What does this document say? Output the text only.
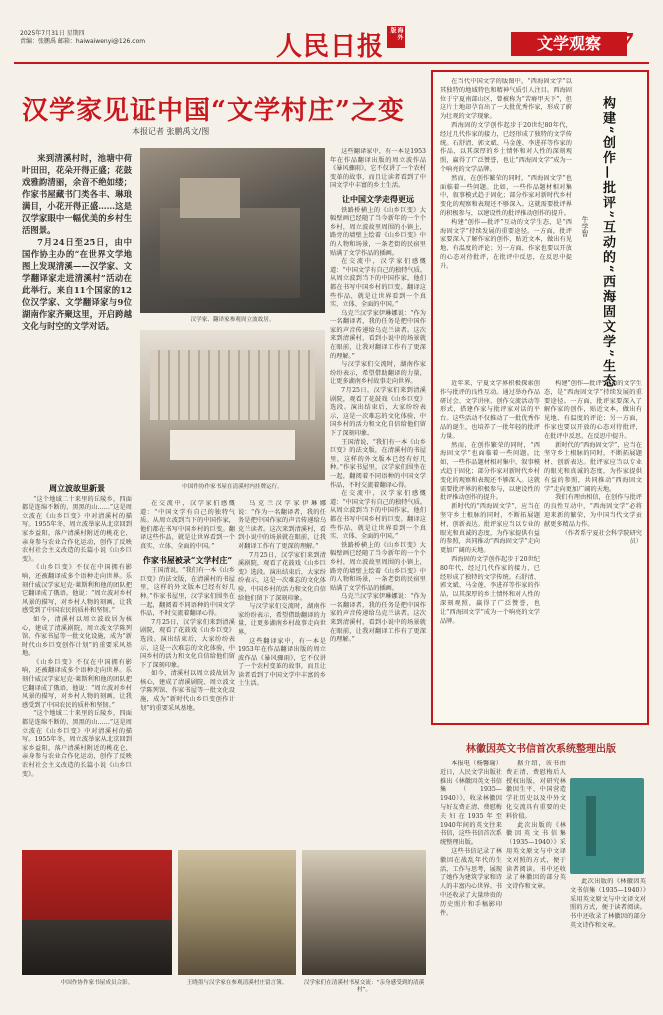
2025年7月31日 星期四
责编：张鹏禹 邮箱：haiwaiwenyi@126.com	人民日报 海外版
文学观察 07
汉学家见证中国“文学村庄”之变
本报记者 张鹏禹文/图

来到清溪村时，池塘中荷叶田田，花朵开得正盛；花鼓戏雅韵清丽，余音不绝如缕；作家书屋藏书门类各丰、琳琅满目，小花开得正盛……这是汉学家眼中一幅优美的乡村生活图景。

7月24日至25日，由中国作协主办的“在世界文学地图上发现清溪——汉学家、文学翻译家走进清溪村”活动在此举行。来自11个国家的12位汉学家、文学翻译家与9位湖南作家齐聚这里，开启跨越文化与时空的文学对话。

汉学家、翻译家参观周立波故居。
中国作协作家书屋在清溪村内挂牌运行。

周立波故里新景

“这个地域二十来里的丘陵乡，四面都是连绵不断的、黑黑的山……”这是周立波在《山乡巨变》中对清溪村的描写。1955年冬，周立波举家从北京回到家乡益阳，落户清溪村附近的桃花仑，亲身参与农业合作化运动，创作了反映农村社会主义改造的长篇小说《山乡巨变》。

《山乡巨变》不仅在中国拥有影响，还被翻译成多个语种走向世界。乐刻什威汉学家尼克·莱斯利和他的团队把它翻译成了俄语，他说：“周立波对乡村风景的描写，对乡村人物的刻画，让我感受到了中国农民的质朴和坚韧。”

如今，清溪村以周立波故居为核心，建成了清溪剧院、周立波文学陈列馆、作家书屋等一批文化设施，成为“新时代山乡巨变创作计划”的重要采风基地。

《山乡巨变》不仅在中国拥有影响，还被翻译成多个语种走向世界。乐刻什威汉学家尼克·莱斯利和他的团队把它翻译成了俄语，他说：“周立波对乡村风景的描写，对乡村人物的刻画，让我感受到了中国农民的质朴和坚韧。”

“这个地域二十来里的丘陵乡，四面都是连绵不断的、黑黑的山……”这是周立波在《山乡巨变》中对清溪村的描写。1955年冬，周立波举家从北京回到家乡益阳，落户清溪村附近的桃花仑，亲身参与农业合作化运动，创作了反映农村社会主义改造的长篇小说《山乡巨变》。

这些翻译家中，有一本是1953年在作品翻译出版的周立波作品《暴风骤雨》，它不仅讲了一个农村变革的故事，而且让读者看到了中国文学中丰富的乡土生活。

让中国文学走得更远

铁路桥横上的《山乡巨变》大幅壁画已经随了当今新年的一个个乡村，周立波故里周围的小镇上，路旁的墙壁上绘着《山乡巨变》中的人物和场景，一条老街的民宿里贴满了文学作品的插画。

在交流中，汉学家们感慨道：“中国文学有自己的独特气质。从周立波到当下的中国作家，他们都在书写中国乡村的巨变。翻译这些作品，就是让世界看到一个真实、立体、全面的中国。”

乌克兰汉学家伊琳娜说：“作为一名翻译者，我的任务是把中国作家的声音传递给乌克兰读者。这次来到清溪村，看到小说中的场景就在眼前，让我对翻译工作有了更深的理解。”

与汉学家们交流时，湖南作家纷纷表示，希望借助翻译的力量，让更多湖南乡村故事走向世界。

7月25日，汉学家们来到清溪剧院，观看了花鼓戏《山乡巨变》选段。演出结束后，大家纷纷表示，这是一次难忘的文化体验，中国乡村的活力和文化自信给他们留下了深刻印象。

王国清说，“我们有一本《山乡巨变》的法文版，在清溪村的书屋里，这样的外文版本已经有好几种。”作家书屋里，汉学家们围坐在一起，翻阅着不同语种的中国文学作品，不时交流着翻译心得。

在交流中，汉学家们感慨道：“中国文学有自己的独特气质。从周立波到当下的中国作家，他们都在书写中国乡村的巨变。翻译这些作品，就是让世界看到一个真实、立体、全面的中国。”

铁路桥横上的《山乡巨变》大幅壁画已经随了当今新年的一个个乡村，周立波故里周围的小镇上，路旁的墙壁上绘着《山乡巨变》中的人物和场景，一条老街的民宿里贴满了文学作品的插画。

乌克兰汉学家伊琳娜说：“作为一名翻译者，我的任务是把中国作家的声音传递给乌克兰读者。这次来到清溪村，看到小说中的场景就在眼前，让我对翻译工作有了更深的理解。”

在交流中，汉学家们感慨道：“中国文学有自己的独特气质。从周立波到当下的中国作家，他们都在书写中国乡村的巨变。翻译这些作品，就是让世界看到一个真实、立体、全面的中国。”

作家书屋被录“文学村庄”

王国清说，“我们有一本《山乡巨变》的法文版，在清溪村的书屋里，这样的外文版本已经有好几种。”作家书屋里，汉学家们围坐在一起，翻阅着不同语种的中国文学作品，不时交流着翻译心得。

7月25日，汉学家们来到清溪剧院，观看了花鼓戏《山乡巨变》选段。演出结束后，大家纷纷表示，这是一次难忘的文化体验，中国乡村的活力和文化自信给他们留下了深刻印象。

如今，清溪村以周立波故居为核心，建成了清溪剧院、周立波文学陈列馆、作家书屋等一批文化设施，成为“新时代山乡巨变创作计划”的重要采风基地。

乌克兰汉学家伊琳娜说：“作为一名翻译者，我的任务是把中国作家的声音传递给乌克兰读者。这次来到清溪村，看到小说中的场景就在眼前，让我对翻译工作有了更深的理解。”

7月25日，汉学家们来到清溪剧院，观看了花鼓戏《山乡巨变》选段。演出结束后，大家纷纷表示，这是一次难忘的文化体验，中国乡村的活力和文化自信给他们留下了深刻印象。

与汉学家们交流时，湖南作家纷纷表示，希望借助翻译的力量，让更多湖南乡村故事走向世界。

这些翻译家中，有一本是1953年在作品翻译出版的周立波作品《暴风骤雨》，它不仅讲了一个农村变革的故事，而且让读者看到了中国文学中丰富的乡土生活。

中国作协作家书屋成员合影。	王晓墨与汉学家在参观清溪村庄留言簿。	汉学家们在清溪村书屋交流：“亲身感受到的清溪村”。
构建“创作—批评”互动的“西海固文学”生态
牛学智

在当代中国文学的版图中，“西海固文学”以其独特的地域特色和精神气质引人注目。西海固位于宁夏南部山区，曾被称为“苦瘠甲天下”，但这片土地却孕育出了一大批优秀作家，形成了蔚为壮观的文学现象。

西海固的文学创作起步于20世纪80年代，经过几代作家的接力，已经形成了独特的文学传统。石舒清、郭文斌、马金莲、李进祥等作家的作品，以其深厚的乡土情怀和对人性的深刻观照，赢得了广泛赞誉，也让“西海固文学”成为一个响亮的文学品牌。

然而，在创作繁荣的同时，“西海固文学”也面临着一些问题。比如，一些作品题材相对集中，叙事模式趋于固化；部分作家对新时代乡村变化的观察和表现还不够深入。这就需要批评界的积极参与，以建设性的批评推动创作的提升。

构建“创作—批评”互动的文学生态，是“西海固文学”持续发展的重要途径。一方面，批评家要深入了解作家的创作，贴近文本，做出有见地、有温度的评论；另一方面，作家也要以开放的心态对待批评，在批评中反思，在反思中提升。

近年来，宁夏文学界积极探索创作与批评的良性互动。通过举办作品研讨会、文学讲座、创作交流活动等形式，搭建作家与批评家对话的平台。这些活动不仅推动了一批优秀作品的诞生，也培养了一批年轻的批评力量。

然而，在创作繁荣的同时，“西海固文学”也面临着一些问题。比如，一些作品题材相对集中，叙事模式趋于固化；部分作家对新时代乡村变化的观察和表现还不够深入。这就需要批评界的积极参与，以建设性的批评推动创作的提升。

新时代的“西海固文学”，应当在坚守乡土根脉的同时，不断拓展题材、创新表达。批评家应当以专业的眼光和真诚的态度，为作家提供有益的参照，共同推动“西海固文学”走向更加广阔的天地。

西海固的文学创作起步于20世纪80年代，经过几代作家的接力，已经形成了独特的文学传统。石舒清、郭文斌、马金莲、李进祥等作家的作品，以其深厚的乡土情怀和对人性的深刻观照，赢得了广泛赞誉，也让“西海固文学”成为一个响亮的文学品牌。

构建“创作—批评”互动的文学生态，是“西海固文学”持续发展的重要途径。一方面，批评家要深入了解作家的创作，贴近文本，做出有见地、有温度的评论；另一方面，作家也要以开放的心态对待批评，在批评中反思，在反思中提升。

新时代的“西海固文学”，应当在坚守乡土根脉的同时，不断拓展题材、创新表达。批评家应当以专业的眼光和真诚的态度，为作家提供有益的参照，共同推动“西海固文学”走向更加广阔的天地。

我们有理由相信，在创作与批评的良性互动中，“西海固文学”必将迎来新的繁荣，为中国当代文学贡献更多精品力作。

（作者系宁夏社会科学院研究员）

林徽因英文书信首次系统整理出版

本报电（杨馨瑜）近日，人民文学出版社推出《林徽因英文书信集（1935—1940）》，收录林徽因与好友费正清、费慰梅夫妇在1935年至1940年间的英文往来书信，这些书信首次系统整理出版。

这些书信记录了林徽因在战乱年代的生活、工作与思考，展现了她作为建筑学家和诗人的丰富内心世界。书中还收录了大量珍贵的历史照片和手稿影印件。

据介绍，该书由费正清、费慰梅后人授权出版，对研究林徽因生平、中国营造学社历史以及中外文化交流具有重要的史料价值。

此次出版的《林徽因英文书信集（1935—1940）》采用英文原文与中文译文对照的方式，便于读者阅读。书中还收录了林徽因的部分英文诗作和文章。

此次出版的《林徽因英文书信集（1935—1940）》采用英文原文与中文译文对照的方式，便于读者阅读。书中还收录了林徽因的部分英文诗作和文章。
